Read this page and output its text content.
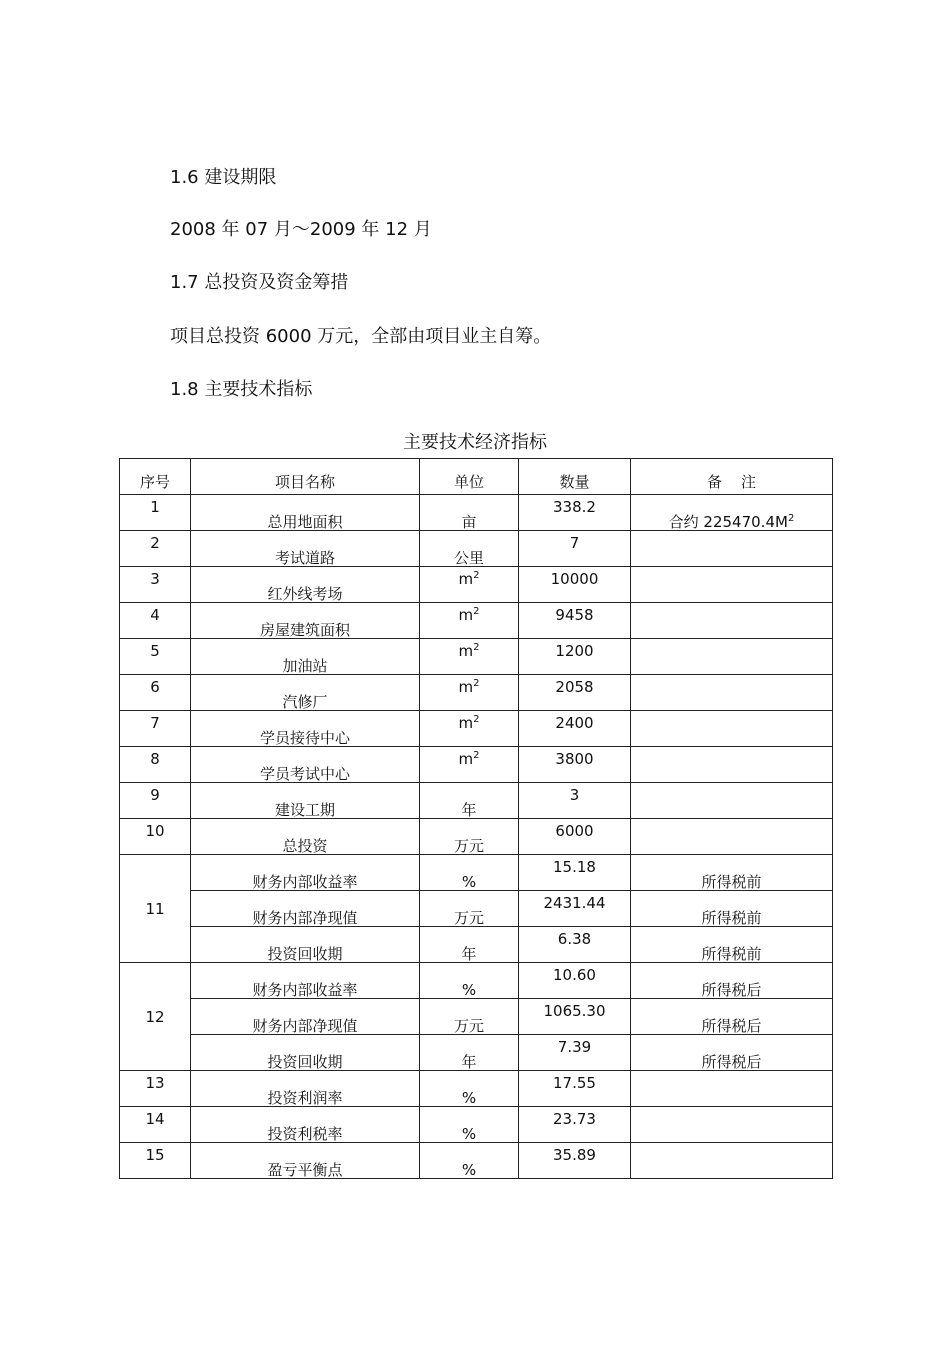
1.6 建设期限
2008 年 07 月～2009 年 12 月
1.7 总投资及资金筹措
项目总投资 6000 万元，全部由项目业主自筹。
1.8 主要技术指标
主要技术经济指标
序号	项目名称	单位	数量	备    注
1	总用地面积	亩	338.2	合约 $225470.4M^2$
2	考试道路	公里	7	
3	红外线考场	$m^2$	10000	
4	房屋建筑面积	$m^2$	9458	
5	加油站	$m^2$	1200	
6	汽修厂	$m^2$	2058	
7	学员接待中心	$m^2$	2400	
8	学员考试中心	$m^2$	3800	
9	建设工期	年	3	
10	总投资	万元	6000	
11	财务内部收益率	%	15.18	所得税前
	财务内部净现值	万元	2431.44	所得税前
	投资回收期	年	6.38	所得税前
12	财务内部收益率	%	10.60	所得税后
	财务内部净现值	万元	1065.30	所得税后
	投资回收期	年	7.39	所得税后
13	投资利润率	%	17.55	
14	投资利税率	%	23.73	
15	盈亏平衡点	%	35.89	
